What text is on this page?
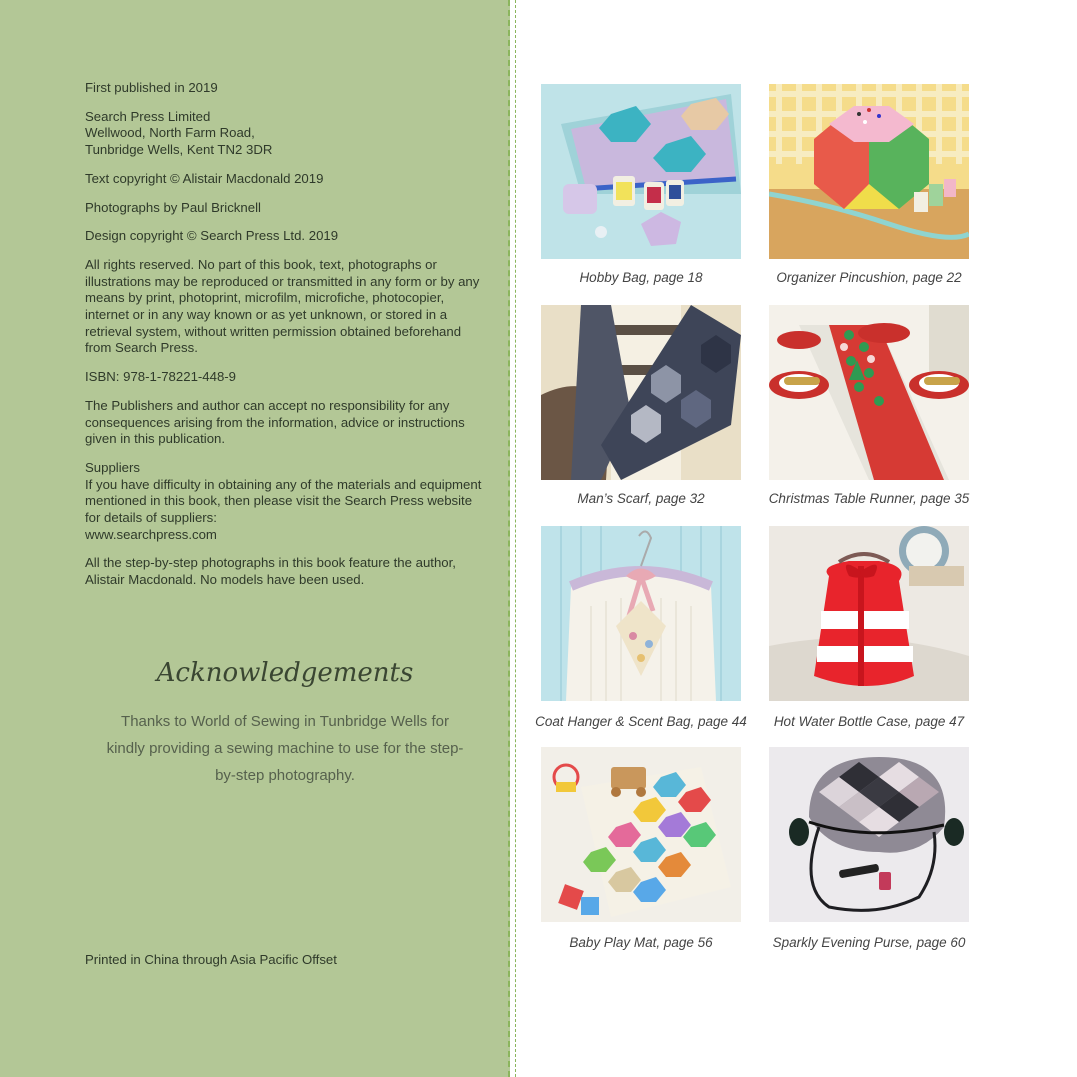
First published in 2019

Search Press Limited
Wellwood, North Farm Road,
Tunbridge Wells, Kent TN2 3DR

Text copyright © Alistair Macdonald 2019

Photographs by Paul Bricknell

Design copyright © Search Press Ltd. 2019

All rights reserved. No part of this book, text, photographs or illustrations may be reproduced or transmitted in any form or by any means by print, photoprint, microfilm, microfiche, photocopier, internet or in any way known or as yet unknown, or stored in a retrieval system, without written permission obtained beforehand from Search Press.

ISBN: 978-1-78221-448-9

The Publishers and author can accept no responsibility for any consequences arising from the information, advice or instructions given in this publication.

Suppliers
If you have difficulty in obtaining any of the materials and equipment mentioned in this book, then please visit the Search Press website for details of suppliers:
www.searchpress.com

All the step-by-step photographs in this book feature the author, Alistair Macdonald. No models have been used.

Acknowledgements
Thanks to World of Sewing in Tunbridge Wells for kindly providing a sewing machine to use for the step-by-step photography.
Printed in China through Asia Pacific Offset
Hobby Bag, page 18	Organizer Pincushion, page 22
Man’s Scarf, page 32	Christmas Table Runner, page 35
Coat Hanger & Scent Bag, page 44	Hot Water Bottle Case, page 47
Baby Play Mat, page 56	Sparkly Evening Purse, page 60
